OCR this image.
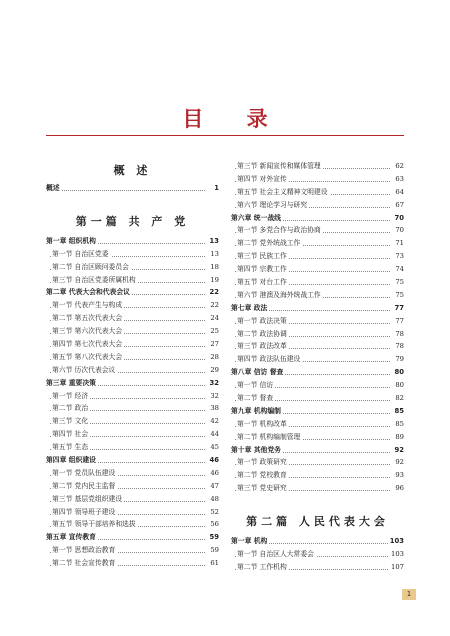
目 录
概 述
概述	1
第一篇 共 产 党
第一章 组织机构	13
第一节 自治区党委	13
第二节 自治区顾问委员会	18
第三节 自治区党委所属机构	19
第二章 代表大会和代表会议	22
第一节 代表产生与构成	22
第二节 第五次代表大会	24
第三节 第六次代表大会	25
第四节 第七次代表大会	27
第五节 第八次代表大会	28
第六节 历次代表会议	29
第三章 重要决策	32
第一节 经济	32
第二节 政治	38
第三节 文化	42
第四节 社会	44
第五节 生态	45
第四章 组织建设	46
第一节 党员队伍建设	46
第二节 党内民主监督	47
第三节 基层党组织建设	48
第四节 领导班子建设	52
第五节 领导干部培养和选拔	56
第五章 宣传教育	59
第一节 思想政治教育	59
第二节 社会宣传教育	61
第三节 新闻宣传和媒体管理	62
第四节 对外宣传	63
第五节 社会主义精神文明建设	64
第六节 理论学习与研究	67
第六章 统一战线	70
第一节 多党合作与政治协商	70
第二节 党外统战工作	71
第三节 民族工作	73
第四节 宗教工作	74
第五节 对台工作	75
第六节 港澳及海外统战工作	75
第七章 政法	77
第一节 政法决策	77
第二节 政法协调	78
第三节 政法改革	78
第四节 政法队伍建设	79
第八章 信访 督查	80
第一节 信访	80
第二节 督查	82
第九章 机构编制	85
第一节 机构改革	85
第二节 机构编制管理	89
第十章 其他党务	92
第一节 政策研究	92
第二节 党校教育	93
第三节 党史研究	96
第二篇 人民代表大会
第一章 机构	103
第一节 自治区人大常委会	103
第二节 工作机构	107
1
